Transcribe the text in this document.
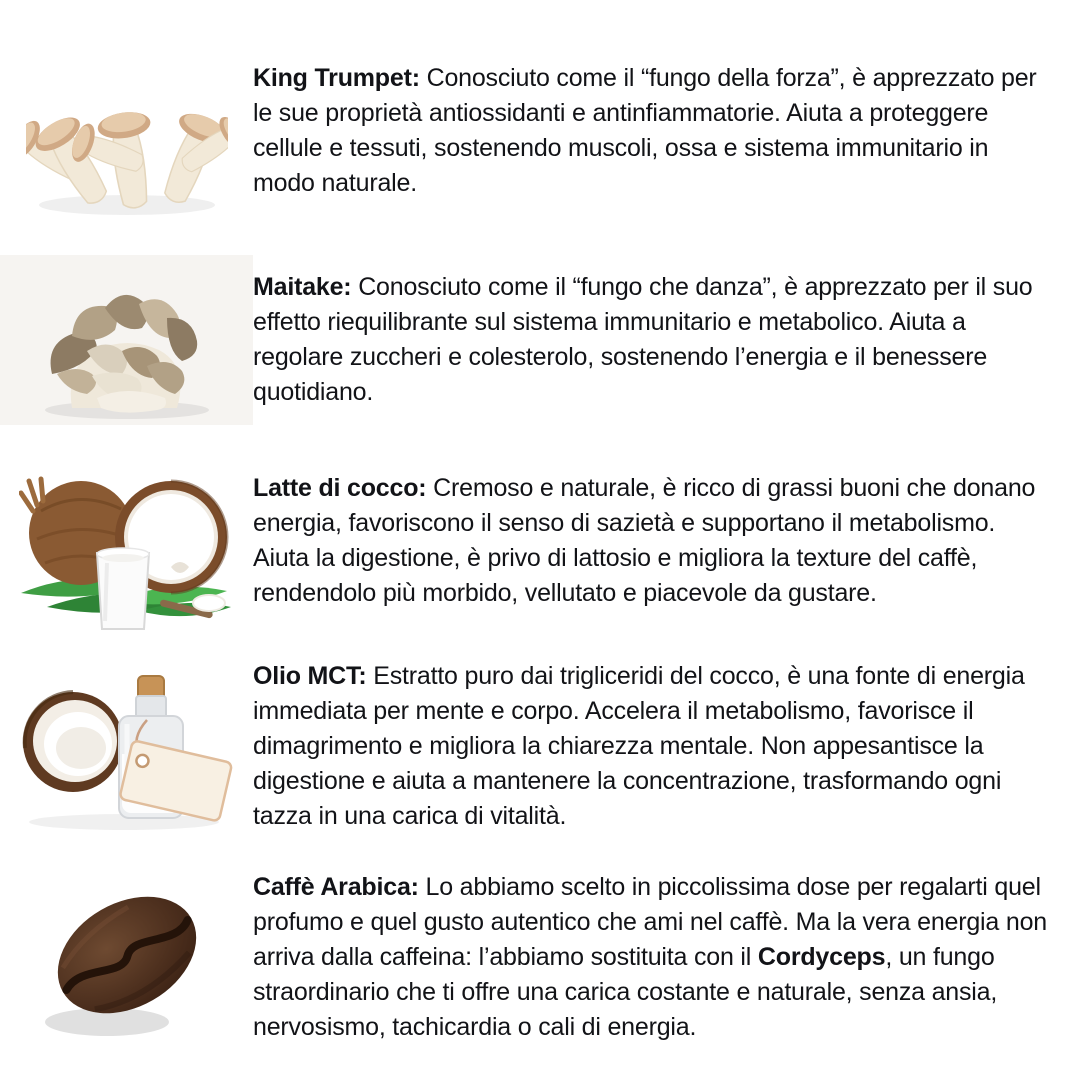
King Trumpet: Conosciuto come il “fungo della forza”, è apprezzato per le sue proprietà antiossidanti e antinfiammatorie. Aiuta a proteggere cellule e tessuti, sostenendo muscoli, ossa e sistema immunitario in modo naturale.

Maitake: Conosciuto come il “fungo che danza”, è apprezzato per il suo effetto riequilibrante sul sistema immunitario e metabolico. Aiuta a regolare zuccheri e colesterolo, sostenendo l’energia e il benessere quotidiano.

Latte di cocco: Cremoso e naturale, è ricco di grassi buoni che donano energia, favoriscono il senso di sazietà e supportano il metabolismo. Aiuta la digestione, è privo di lattosio e migliora la texture del caffè, rendendolo più morbido, vellutato e piacevole da gustare.

Olio MCT: Estratto puro dai trigliceridi del cocco, è una fonte di energia immediata per mente e corpo. Accelera il metabolismo, favorisce il dimagrimento e migliora la chiarezza mentale. Non appesantisce la digestione e aiuta a mantenere la concentrazione, trasformando ogni tazza in una carica di vitalità.

Caffè Arabica: Lo abbiamo scelto in piccolissima dose per regalarti quel profumo e quel gusto autentico che ami nel caffè. Ma la vera energia non arriva dalla caffeina: l’abbiamo sostituita con il Cordyceps, un fungo straordinario che ti offre una carica costante e naturale, senza ansia, nervosismo, tachicardia o cali di energia.
